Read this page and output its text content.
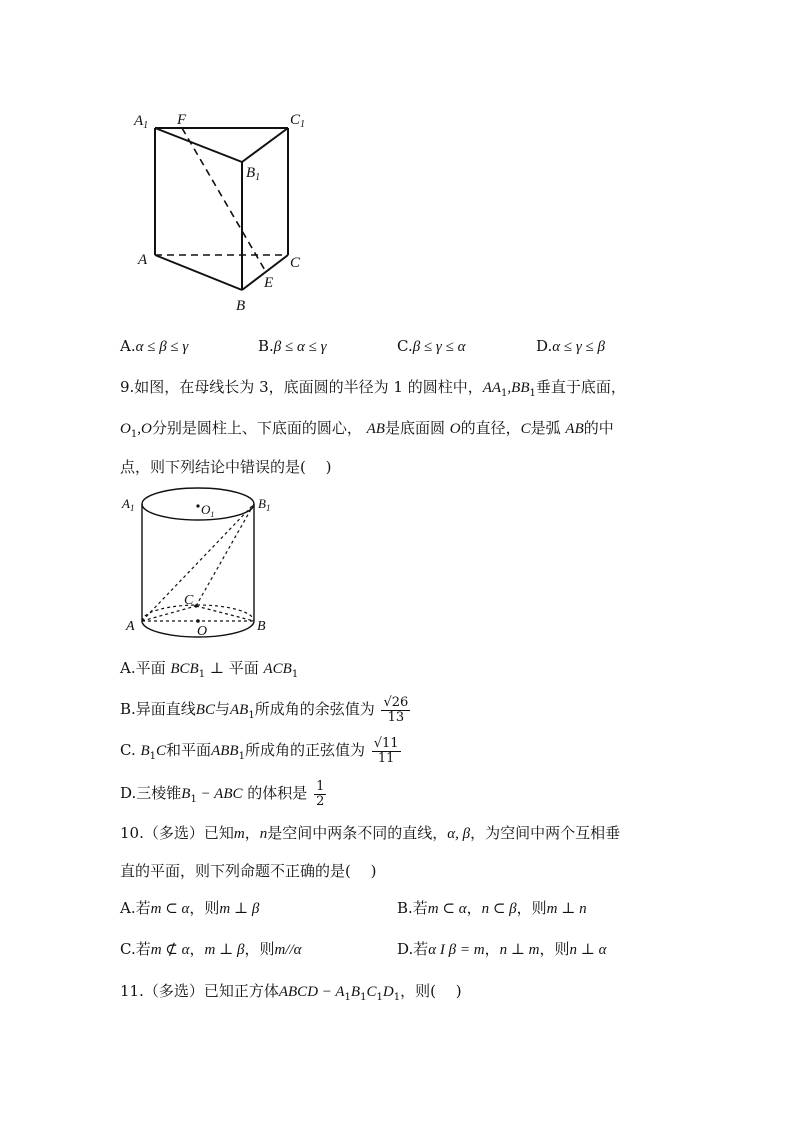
$A_1$ F	$C_1$
$B_1$
A	C
E
B
A.α ≤ β ≤ γ	B.β ≤ α ≤ γ	C.β ≤ γ ≤ α	D.α ≤ γ ≤ β
9.如图，在母线长为 3，底面圆的半径为 1 的圆柱中，$AA_1,BB_1$垂直于底面，
$O_1,O$分别是圆柱上、下底面的圆心， AB是底面圆 O的直径，C是弧 AB的中
点，则下列结论中错误的是(　 )
$A_1$	$O_1$
$B_1$
C
A	O	B
A.平面 $BCB_1$ ⊥ 平面 $ACB_1$
B.异面直线BC与$AB_1$所成角的余弦值为 $\frac{√26}{13}$
C. $B_1C$和平面$ABB_1$所成角的正弦值为 $\frac{√11}{11}$
D.三棱锥$B_1$ − ABC 的体积是 $\frac{1}{2}$
10.（多选）已知m，n是空间中两条不同的直线，α, β，为空间中两个互相垂
直的平面，则下列命题不正确的是(　 )
A.若m ⊂ α，则m ⊥ β	B.若m ⊂ α，n ⊂ β，则m ⊥ n
C.若m ⊄ α，m ⊥ β，则m//α	D.若α I β = m，n ⊥ m，则n ⊥ α
11.（多选）已知正方体ABCD − $A_1B_1C_1D_1$，则(　 )
